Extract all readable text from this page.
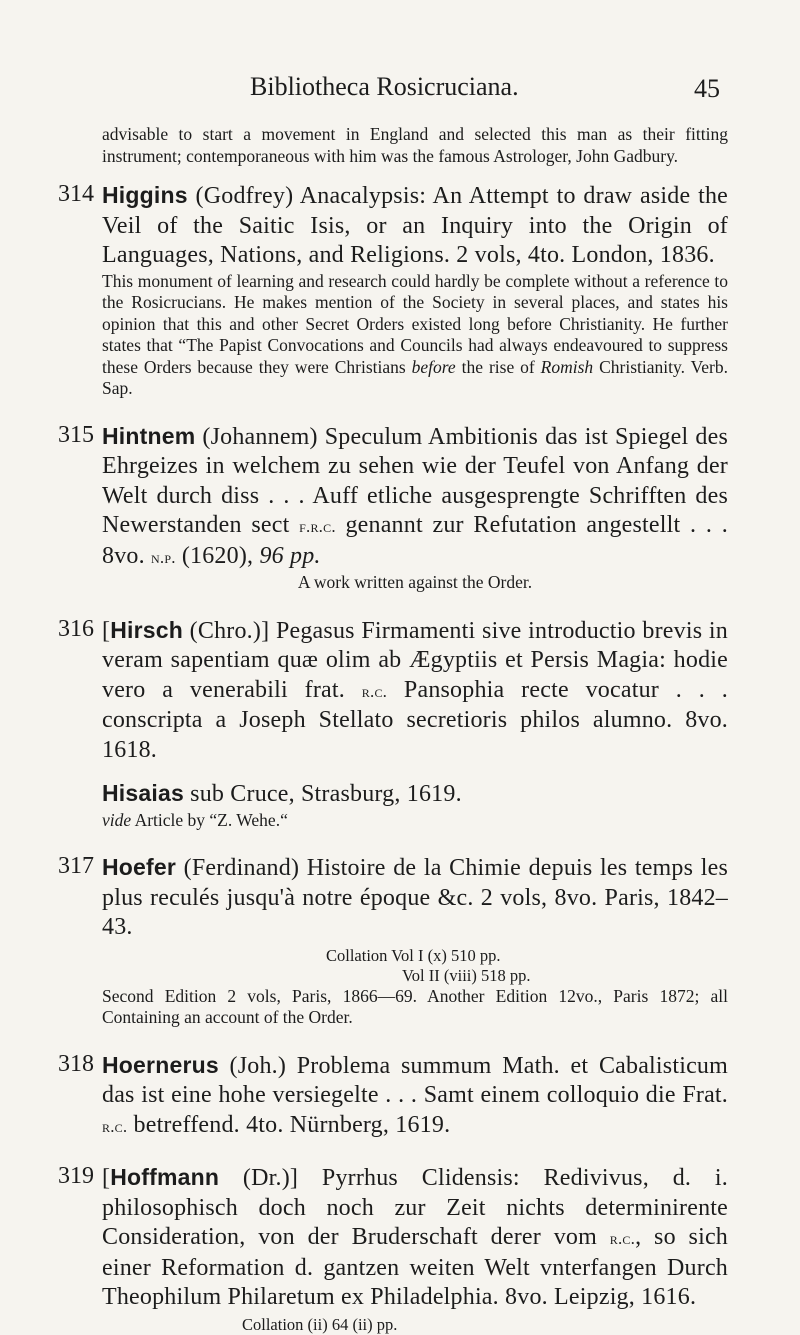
Bibliotheca Rosicruciana.	45

advisable to start a movement in England and selected this man as their fitting instrument; contemporaneous with him was the famous Astrologer, John Gadbury.

314 Higgins (Godfrey) Anacalypsis: An Attempt to draw aside the Veil of the Saitic Isis, or an Inquiry into the Origin of Languages, Nations, and Religions. 2 vols, 4to. London, 1836.

This monument of learning and research could hardly be complete without a reference to the Rosicrucians. He makes mention of the Society in several places, and states his opinion that this and other Secret Orders existed long before Christianity. He further states that “The Papist Convocations and Councils had always endeavoured to suppress these Orders because they were Christians before the rise of Romish Christianity. Verb. Sap.

315 Hintnem (Johannem) Speculum Ambitionis das ist Spiegel des Ehrgeizes in welchem zu sehen wie der Teufel von Anfang der Welt durch diss . . . Auff etliche ausgesprengte Schrifften des Newerstanden sect f.r.c. genannt zur Refutation angestellt . . . 8vo. n.p. (1620), 96 pp.

A work written against the Order.

316 [Hirsch (Chro.)] Pegasus Firmamenti sive introductio brevis in veram sapentiam quæ olim ab Ægyptiis et Persis Magia: hodie vero a venerabili frat. r.c. Pansophia recte vocatur . . . conscripta a Joseph Stellato secretioris philos alumno. 8vo. 1618.

Hisaias sub Cruce, Strasburg, 1619.

vide Article by “Z. Wehe.“

317 Hoefer (Ferdinand) Histoire de la Chimie depuis les temps les plus reculés jusqu'à notre époque &c. 2 vols, 8vo. Paris, 1842–43.

Collation Vol I (x) 510 pp.
Vol II (viii) 518 pp.

Second Edition 2 vols, Paris, 1866—69. Another Edition 12vo., Paris 1872; all Containing an account of the Order.

318 Hoernerus (Joh.) Problema summum Math. et Cabalisticum das ist eine hohe versiegelte . . . Samt einem colloquio die Frat. r.c. betreffend. 4to. Nürnberg, 1619.

319 [Hoffmann (Dr.)] Pyrrhus Clidensis: Redivivus, d. i. philosophisch doch noch zur Zeit nichts determinirente Consideration, von der Bruderschaft derer vom r.c., so sich einer Reformation d. gantzen weiten Welt vnterfangen Durch Theophilum Philaretum ex Philadelphia. 8vo. Leipzig, 1616.

Collation (ii) 64 (ii) pp.
